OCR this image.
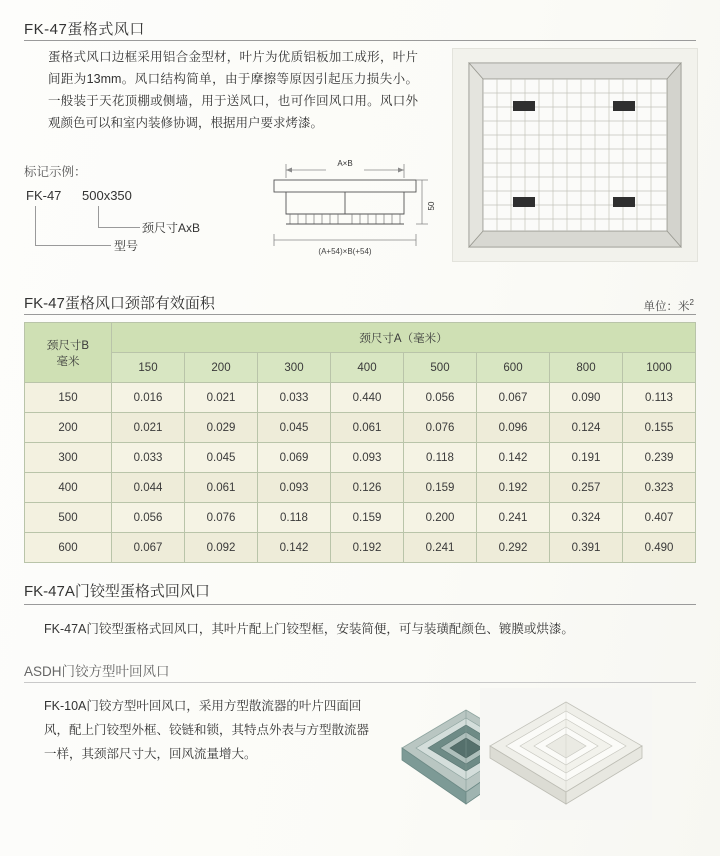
FK-47蛋格式风口
蛋格式风口边框采用铝合金型材，叶片为优质铝板加工成形，叶片间距为13mm。风口结构简单，由于摩擦等原因引起压力损失小。一般装于天花顶棚或侧墙，用于送风口，也可作回风口用。风口外观颜色可以和室内装修协调，根据用户要求烤漆。
标记示例：
FK-47 500x350
颈尺寸AxB
型号
A×B
50
(A+54)×B(+54)
FK-47蛋格风口颈部有效面积	单位：米$^2$
颈尺寸B
毫米	颈尺寸A（毫米）							
	150	200	300	400	500	600	800	1000
150	0.016	0.021	0.033	0.440	0.056	0.067	0.090	0.113
200	0.021	0.029	0.045	0.061	0.076	0.096	0.124	0.155
300	0.033	0.045	0.069	0.093	0.118	0.142	0.191	0.239
400	0.044	0.061	0.093	0.126	0.159	0.192	0.257	0.323
500	0.056	0.076	0.118	0.159	0.200	0.241	0.324	0.407
600	0.067	0.092	0.142	0.192	0.241	0.292	0.391	0.490
FK-47A门铰型蛋格式回风口
FK-47A门铰型蛋格式回风口，其叶片配上门铰型框，安装简便，可与装璜配颜色、镀膜或烘漆。
ASDH门铰方型叶回风口
FK-10A门铰方型叶回风口，采用方型散流器的叶片四面回风，配上门铰型外框、铰链和锁，其特点外表与方型散流器一样，其颈部尺寸大，回风流量增大。
